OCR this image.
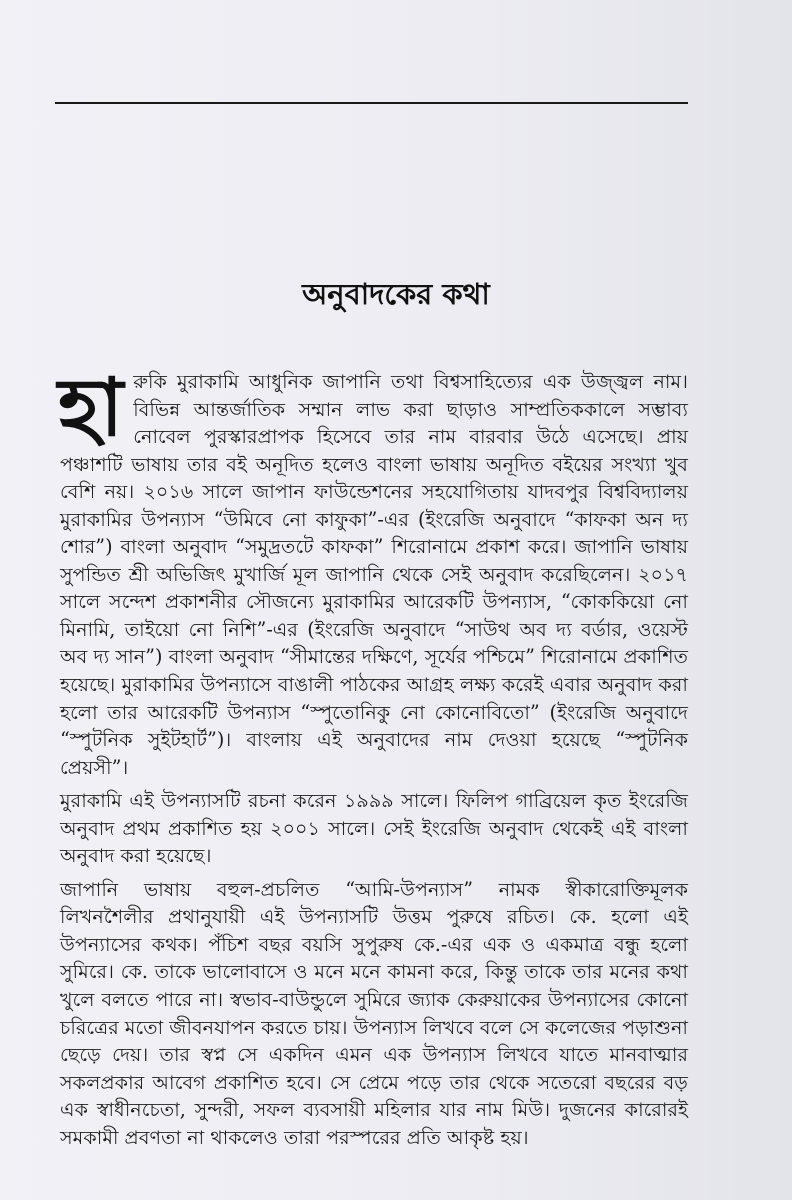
অনুবাদকের কথা

হারুকি মুরাকামি আধুনিক জাপানি তথা বিশ্বসাহিত্যের এক উজ্জ্বল নাম। বিভিন্ন আন্তর্জাতিক সম্মান লাভ করা ছাড়াও সাম্প্রতিককালে সম্ভাব্য নোবেল পুরস্কারপ্রাপক হিসেবে তার নাম বারবার উঠে এসেছে। প্রায় পঞ্চাশটি ভাষায় তার বই অনূদিত হলেও বাংলা ভাষায় অনূদিত বইয়ের সংখ্যা খুব বেশি নয়। ২০১৬ সালে জাপান ফাউন্ডেশনের সহযোগিতায় যাদবপুর বিশ্ববিদ্যালয় মুরাকামির উপন্যাস “উমিবে নো কাফুকা”-এর (ইংরেজি অনুবাদে “কাফকা অন দ্য শোর”) বাংলা অনুবাদ “সমুদ্রতটে কাফকা” শিরোনামে প্রকাশ করে। জাপানি ভাষায় সুপন্ডিত শ্রী অভিজিৎ মুখার্জি মূল জাপানি থেকে সেই অনুবাদ করেছিলেন। ২০১৭ সালে সন্দেশ প্রকাশনীর সৌজন্যে মুরাকামির আরেকটি উপন্যাস, “কোককিয়ো নো মিনামি, তাইয়ো নো নিশি”-এর (ইংরেজি অনুবাদে “সাউথ অব দ্য বর্ডার, ওয়েস্ট অব দ্য সান”) বাংলা অনুবাদ “সীমান্তের দক্ষিণে, সূর্যের পশ্চিমে” শিরোনামে প্রকাশিত হয়েছে। মুরাকামির উপন্যাসে বাঙালী পাঠকের আগ্রহ লক্ষ্য করেই এবার অনুবাদ করা হলো তার আরেকটি উপন্যাস “স্পুতোনিকু নো কোনোবিতো” (ইংরেজি অনুবাদে “স্পুটনিক সুইটহার্ট”)। বাংলায় এই অনুবাদের নাম দেওয়া হয়েছে “স্পুটনিক প্রেয়সী”।

মুরাকামি এই উপন্যাসটি রচনা করেন ১৯৯৯ সালে। ফিলিপ গাব্রিয়েল কৃত ইংরেজি অনুবাদ প্রথম প্রকাশিত হয় ২০০১ সালে। সেই ইংরেজি অনুবাদ থেকেই এই বাংলা অনুবাদ করা হয়েছে।

জাপানি ভাষায় বহুল-প্রচলিত “আমি-উপন্যাস” নামক স্বীকারোক্তিমূলক লিখনশৈলীর প্রথানুযায়ী এই উপন্যাসটি উত্তম পুরুষে রচিত। কে. হলো এই উপন্যাসের কথক। পঁচিশ বছর বয়সি সুপুরুষ কে.-এর এক ও একমাত্র বন্ধু হলো সুমিরে। কে. তাকে ভালোবাসে ও মনে মনে কামনা করে, কিন্তু তাকে তার মনের কথা খুলে বলতে পারে না। স্বভাব-বাউন্ডুলে সুমিরে জ্যাক কেরুয়াকের উপন্যাসের কোনো চরিত্রের মতো জীবনযাপন করতে চায়। উপন্যাস লিখবে বলে সে কলেজের পড়াশুনা ছেড়ে দেয়। তার স্বপ্ন সে একদিন এমন এক উপন্যাস লিখবে যাতে মানবাত্মার সকলপ্রকার আবেগ প্রকাশিত হবে। সে প্রেমে পড়ে তার থেকে সতেরো বছরের বড় এক স্বাধীনচেতা, সুন্দরী, সফল ব্যবসায়ী মহিলার যার নাম মিউ। দুজনের কারোরই সমকামী প্রবণতা না থাকলেও তারা পরস্পরের প্রতি আকৃষ্ট হয়।
